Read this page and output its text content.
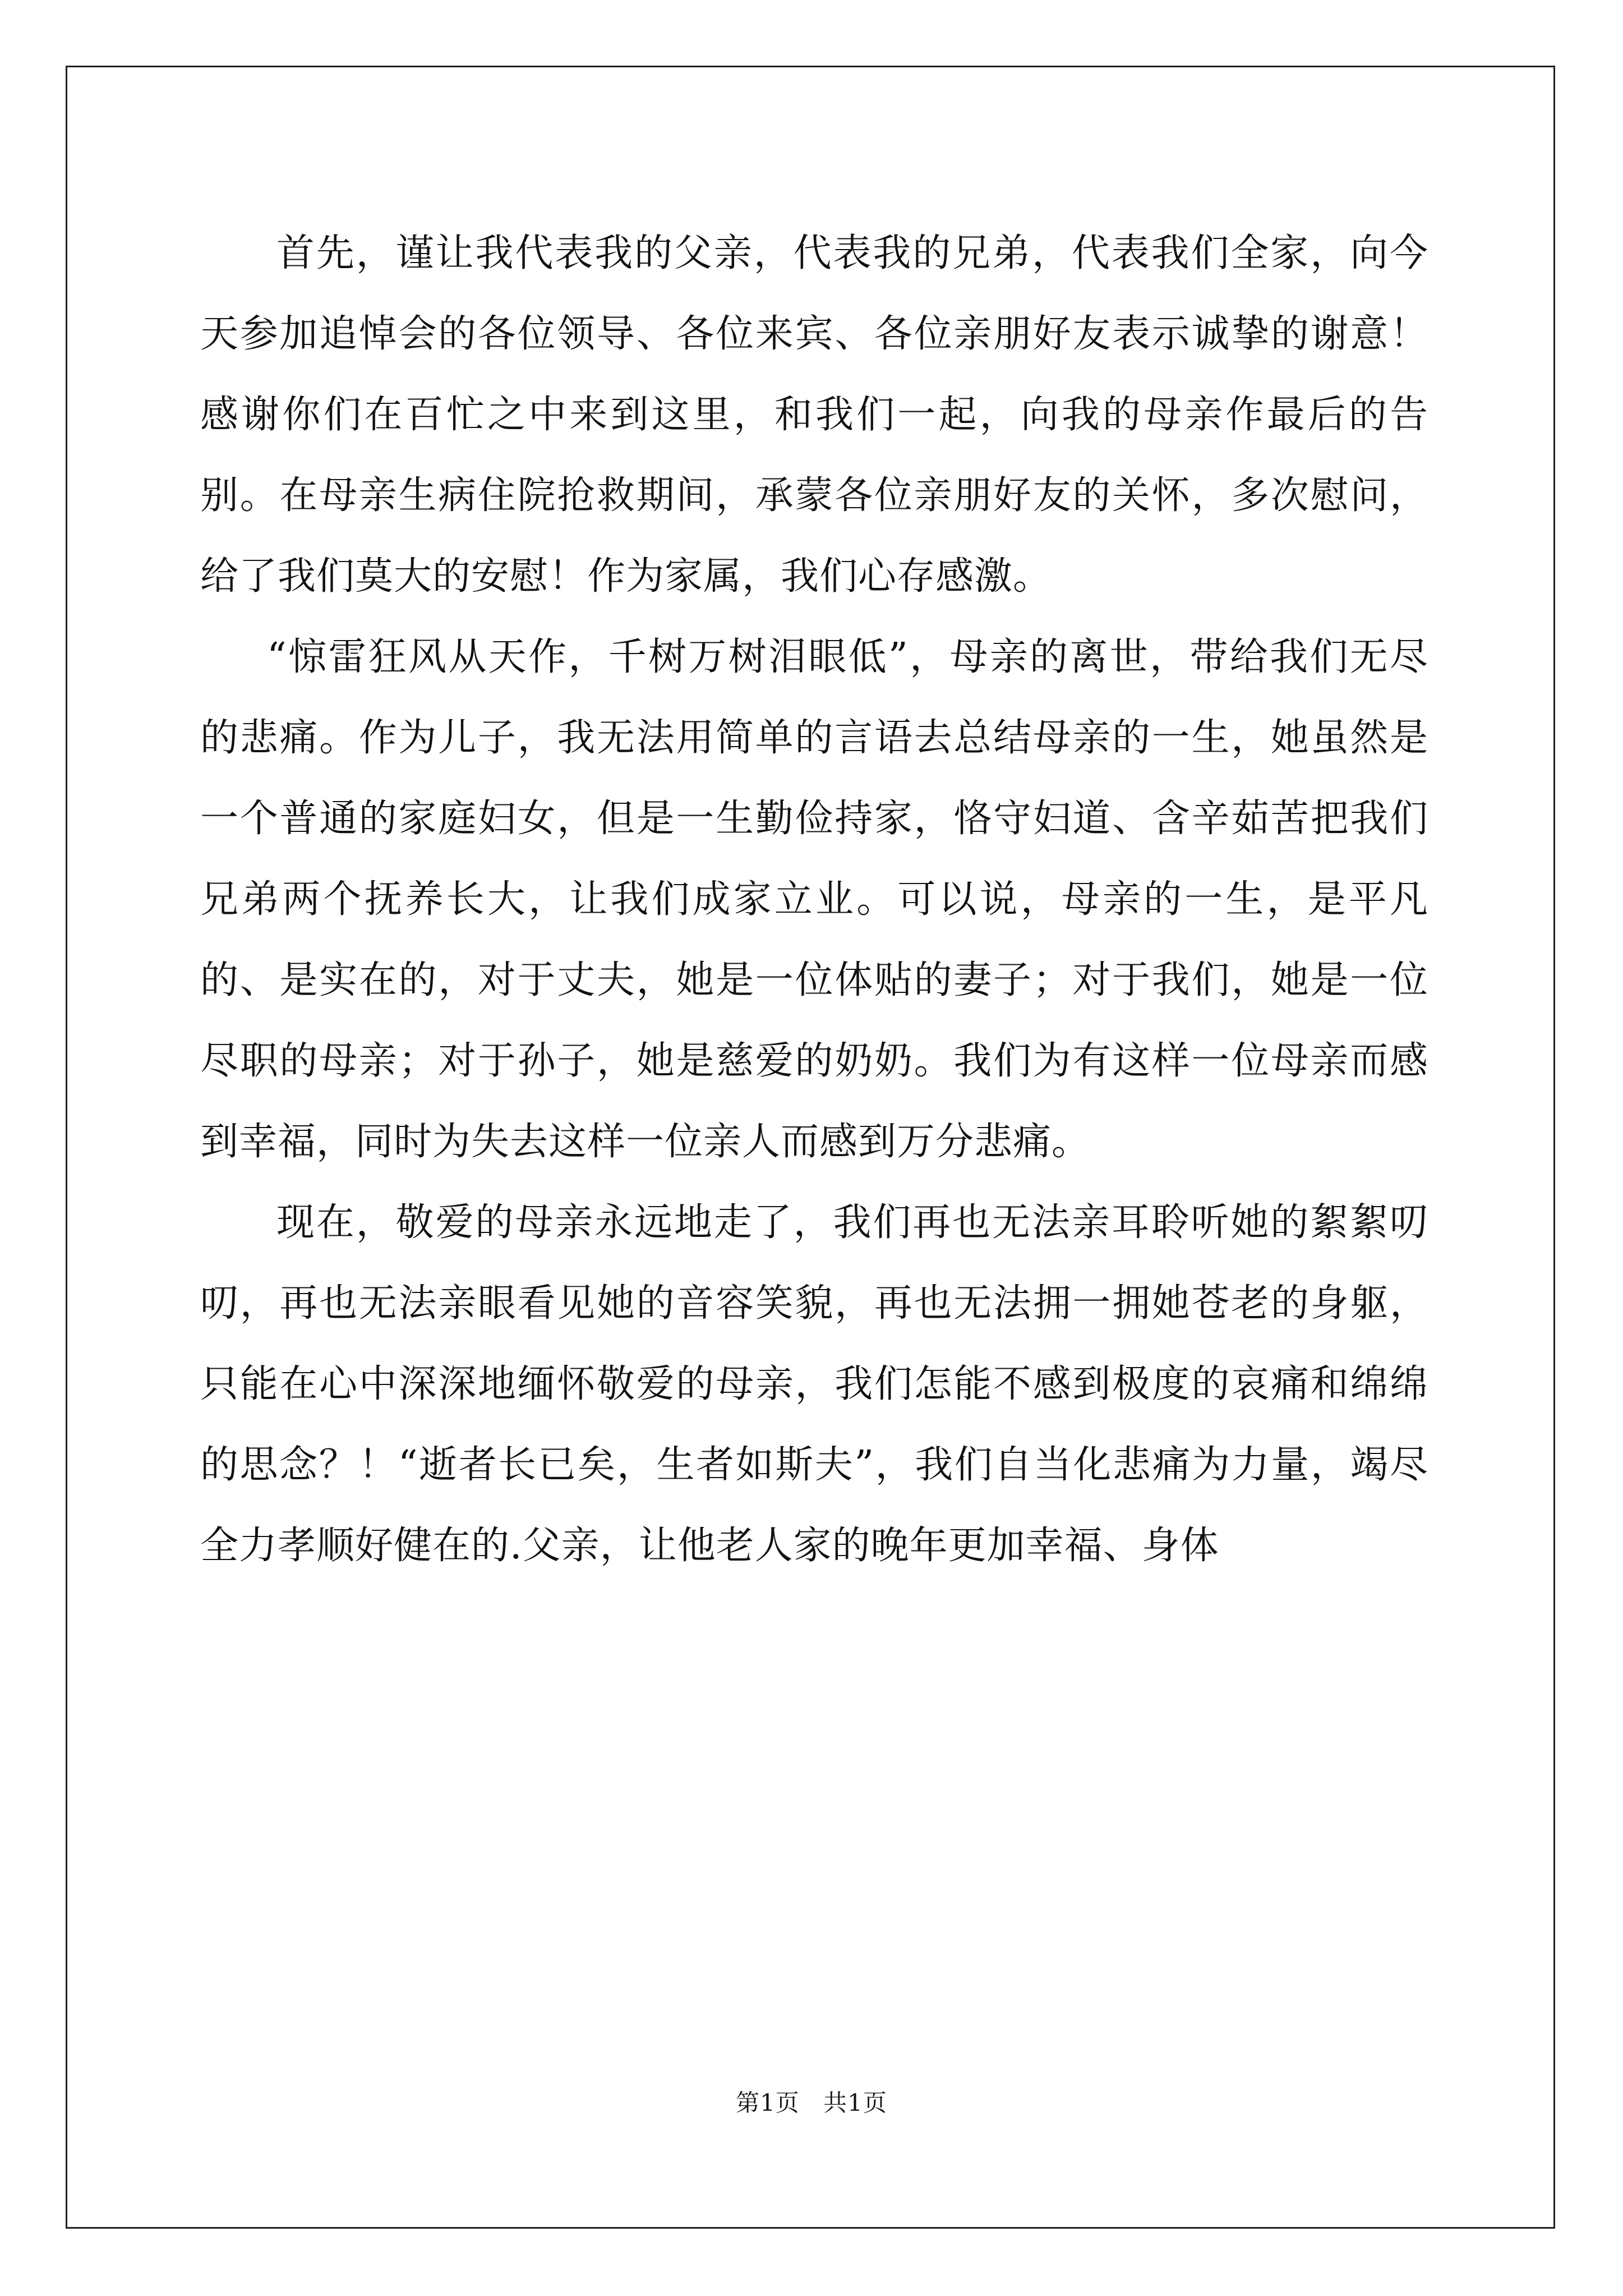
首先，谨让我代表我的父亲，代表我的兄弟，代表我们全家，向今天参加追悼会的各位领导、各位来宾、各位亲朋好友表示诚挚的谢意！感谢你们在百忙之中来到这里，和我们一起，向我的母亲作最后的告别。在母亲生病住院抢救期间，承蒙各位亲朋好友的关怀，多次慰问，给了我们莫大的安慰！作为家属，我们心存感激。

“惊雷狂风从天作，千树万树泪眼低”，母亲的离世，带给我们无尽的悲痛。作为儿子，我无法用简单的言语去总结母亲的一生，她虽然是一个普通的家庭妇女，但是一生勤俭持家，恪守妇道、含辛茹苦把我们兄弟两个抚养长大，让我们成家立业。可以说，母亲的一生，是平凡的、是实在的，对于丈夫，她是一位体贴的妻子；对于我们，她是一位尽职的母亲；对于孙子，她是慈爱的奶奶。我们为有这样一位母亲而感到幸福，同时为失去这样一位亲人而感到万分悲痛。

现在，敬爱的母亲永远地走了，我们再也无法亲耳聆听她的絮絮叨叨，再也无法亲眼看见她的音容笑貌，再也无法拥一拥她苍老的身躯，只能在心中深深地缅怀敬爱的母亲，我们怎能不感到极度的哀痛和绵绵的思念？！“逝者长已矣，生者如斯夫”，我们自当化悲痛为力量，竭尽全力孝顺好健在的.父亲，让他老人家的晚年更加幸福、身体

第1页 共1页
